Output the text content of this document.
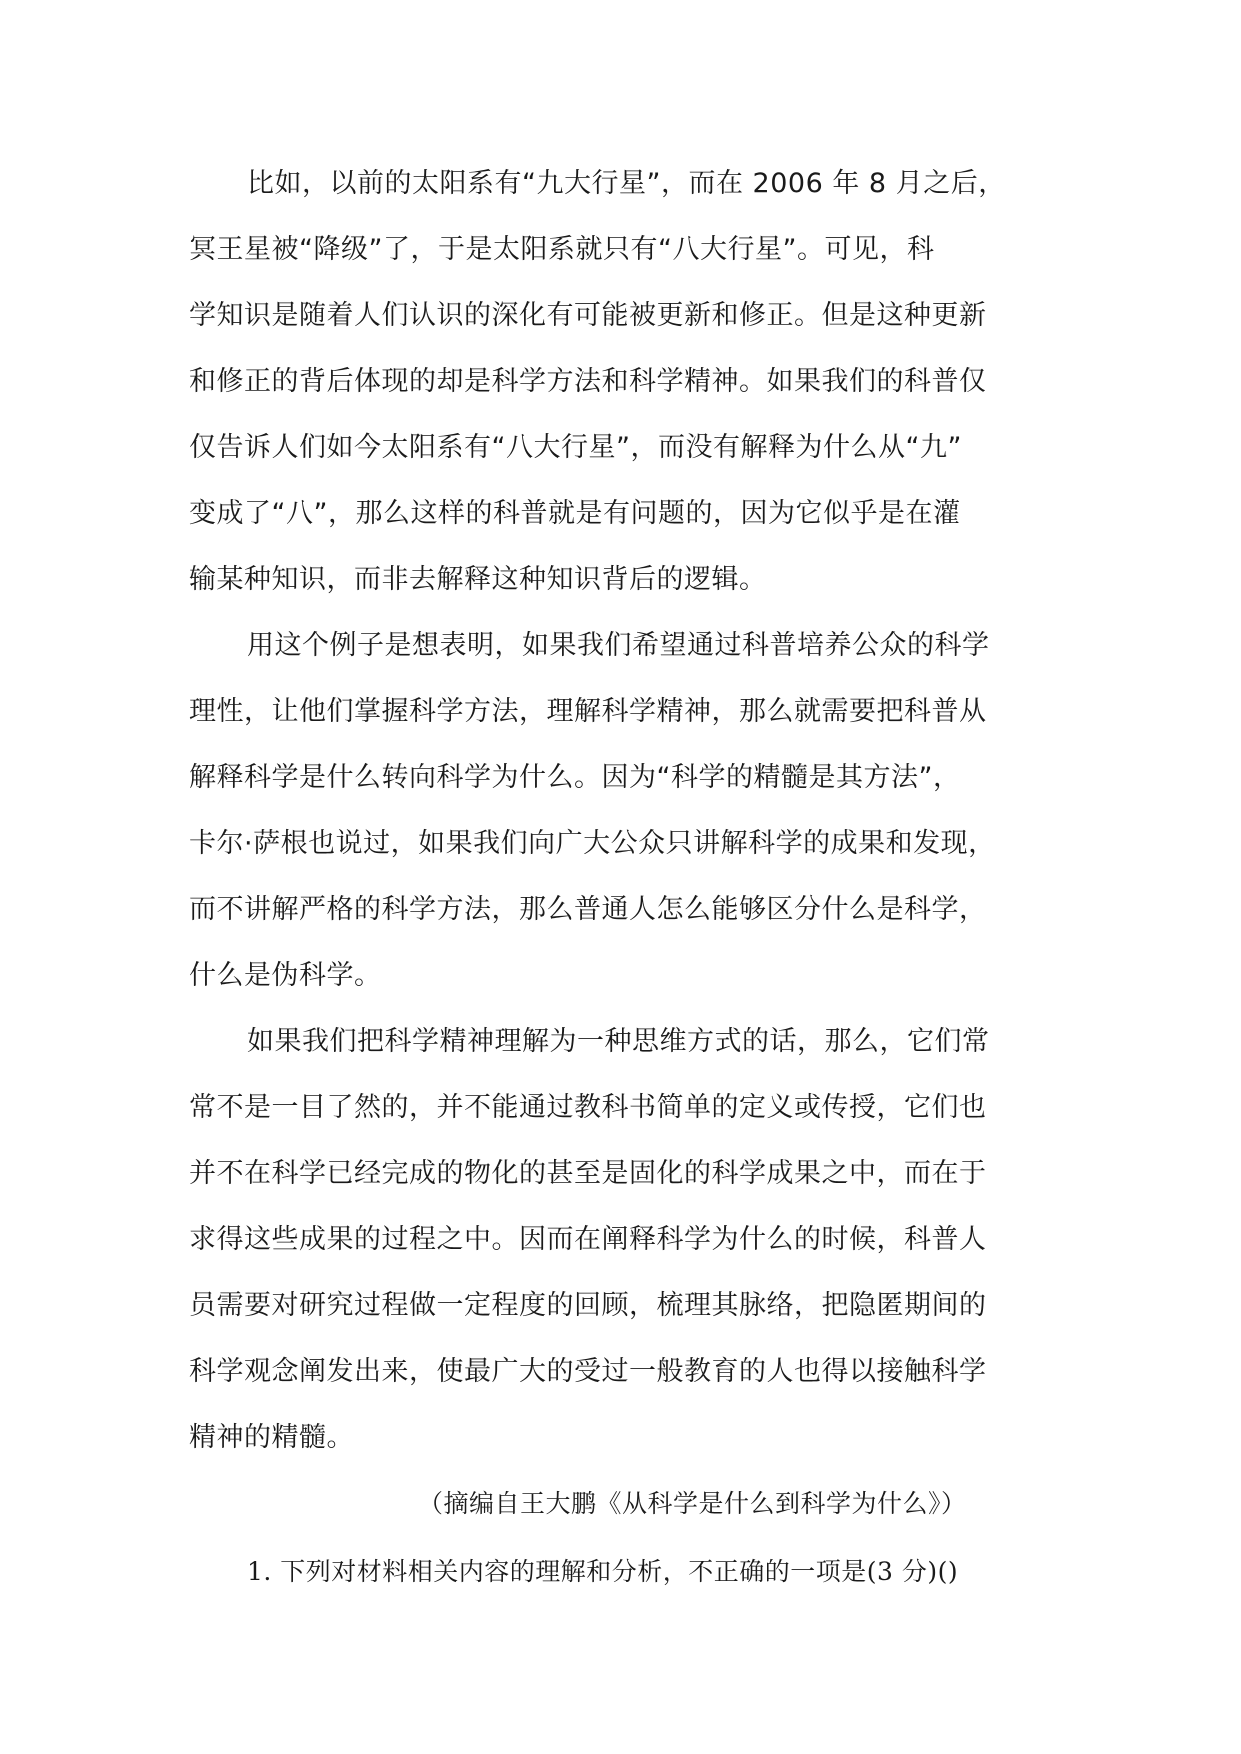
比如，以前的太阳系有“九大行星”，而在 2006 年 8 月之后，
冥王星被“降级”了，于是太阳系就只有“八大行星”。可见，科
学知识是随着人们认识的深化有可能被更新和修正。但是这种更新
和修正的背后体现的却是科学方法和科学精神。如果我们的科普仅
仅告诉人们如今太阳系有“八大行星”，而没有解释为什么从“九”
变成了“八”，那么这样的科普就是有问题的，因为它似乎是在灌
输某种知识，而非去解释这种知识背后的逻辑。
用这个例子是想表明，如果我们希望通过科普培养公众的科学
理性，让他们掌握科学方法，理解科学精神，那么就需要把科普从
解释科学是什么转向科学为什么。因为“科学的精髓是其方法”，
卡尔·萨根也说过，如果我们向广大公众只讲解科学的成果和发现，
而不讲解严格的科学方法，那么普通人怎么能够区分什么是科学，
什么是伪科学。
如果我们把科学精神理解为一种思维方式的话，那么，它们常
常不是一目了然的，并不能通过教科书简单的定义或传授，它们也
并不在科学已经完成的物化的甚至是固化的科学成果之中，而在于
求得这些成果的过程之中。因而在阐释科学为什么的时候，科普人
员需要对研究过程做一定程度的回顾，梳理其脉络，把隐匿期间的
科学观念阐发出来，使最广大的受过一般教育的人也得以接触科学
精神的精髓。
（摘编自王大鹏《从科学是什么到科学为什么》）
1. 下列对材料相关内容的理解和分析，不正确的一项是(3 分)()
